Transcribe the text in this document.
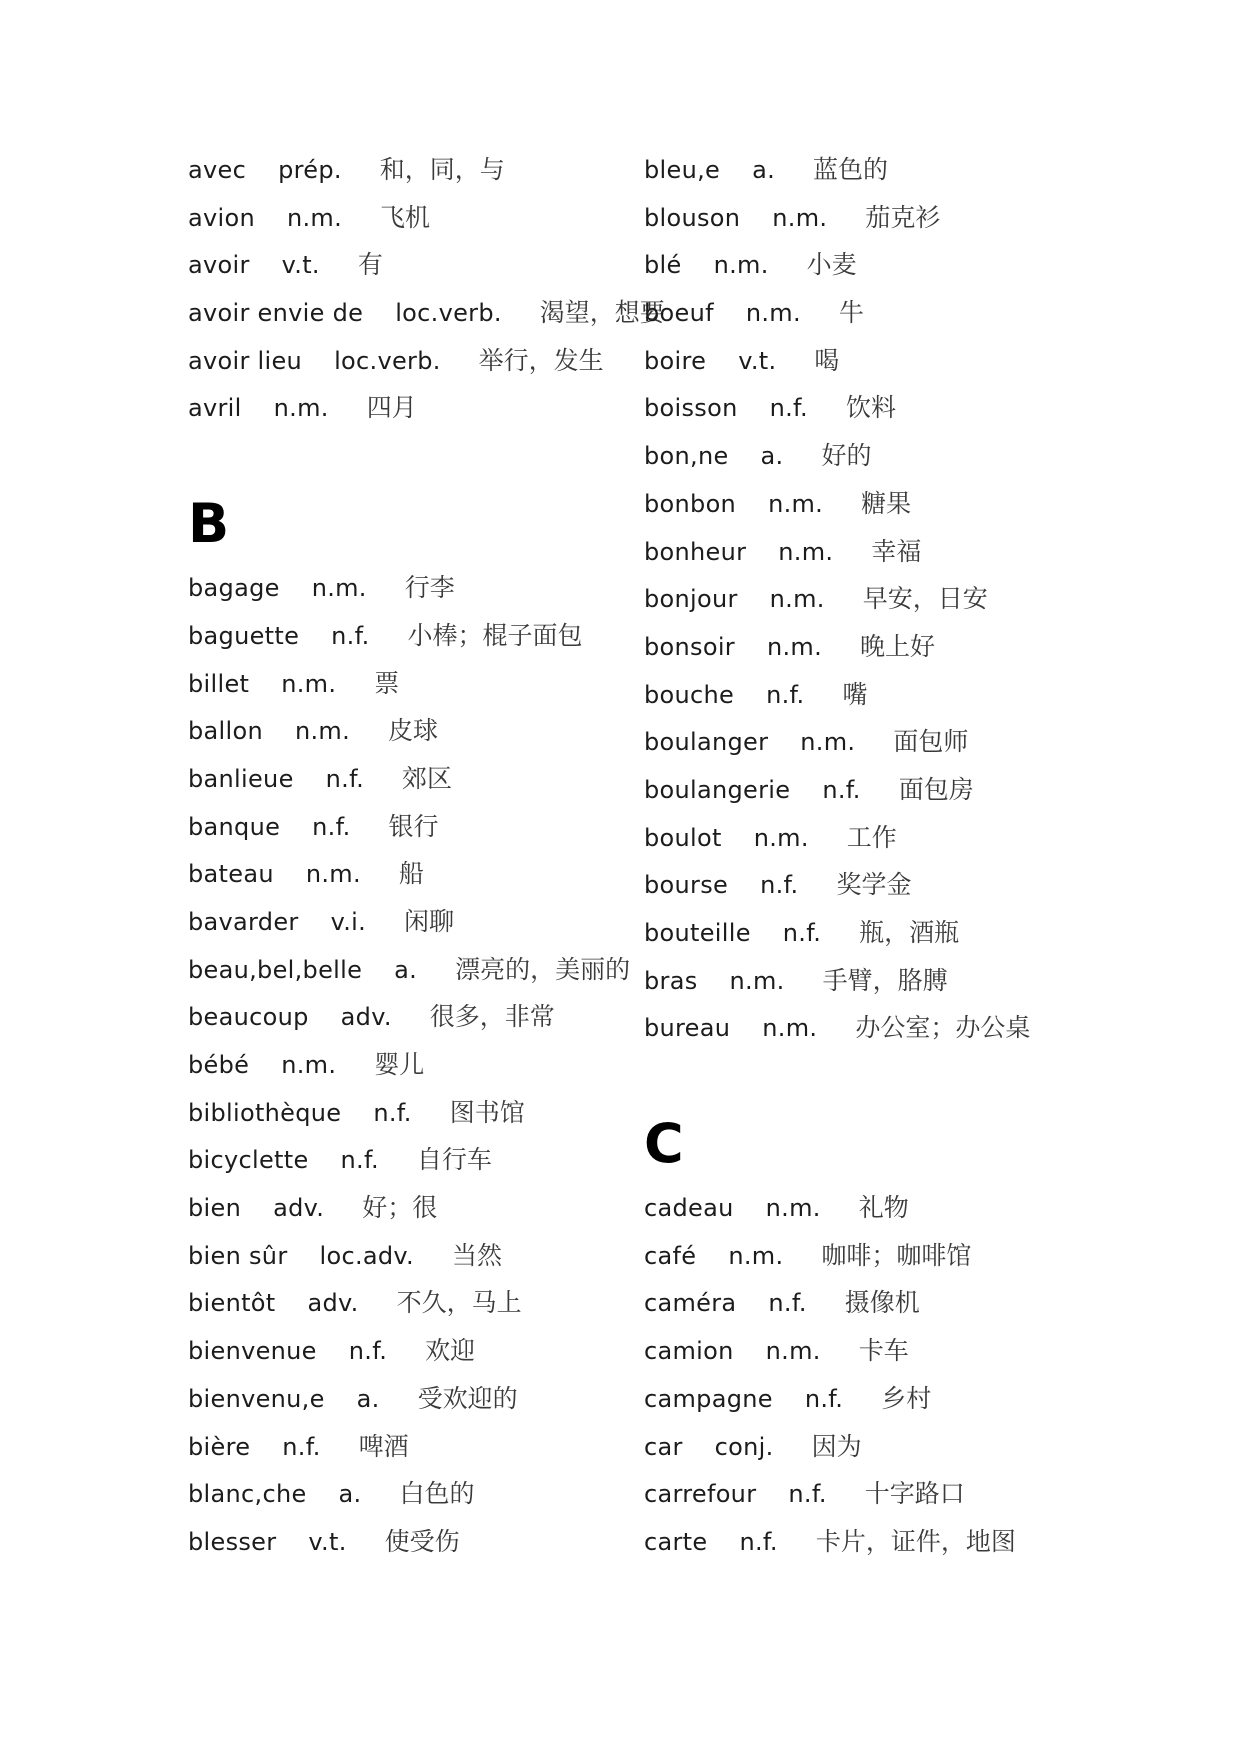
avec prép. 和，同，与
avion n.m. 飞机
avoir v.t. 有
avoir envie de loc.verb. 渴望，想要
avoir lieu loc.verb. 举行，发生
avril n.m. 四月
B
bagage n.m. 行李
baguette n.f. 小棒；棍子面包
billet n.m. 票
ballon n.m. 皮球
banlieue n.f. 郊区
banque n.f. 银行
bateau n.m. 船
bavarder v.i. 闲聊
beau,bel,belle a. 漂亮的，美丽的
beaucoup adv. 很多，非常
bébé n.m. 婴儿
bibliothèque n.f. 图书馆
bicyclette n.f. 自行车
bien adv. 好；很
bien sûr loc.adv. 当然
bientôt adv. 不久，马上
bienvenue n.f. 欢迎
bienvenu,e a. 受欢迎的
bière n.f. 啤酒
blanc,che a. 白色的
blesser v.t. 使受伤
bleu,e a. 蓝色的
blouson n.m. 茄克衫
blé n.m. 小麦
boeuf n.m. 牛
boire v.t. 喝
boisson n.f. 饮料
bon,ne a. 好的
bonbon n.m. 糖果
bonheur n.m. 幸福
bonjour n.m. 早安，日安
bonsoir n.m. 晚上好
bouche n.f. 嘴
boulanger n.m. 面包师
boulangerie n.f. 面包房
boulot n.m. 工作
bourse n.f. 奖学金
bouteille n.f. 瓶，酒瓶
bras n.m. 手臂，胳膊
bureau n.m. 办公室；办公桌
C
cadeau n.m. 礼物
café n.m. 咖啡；咖啡馆
caméra n.f. 摄像机
camion n.m. 卡车
campagne n.f. 乡村
car conj. 因为
carrefour n.f. 十字路口
carte n.f. 卡片，证件，地图
